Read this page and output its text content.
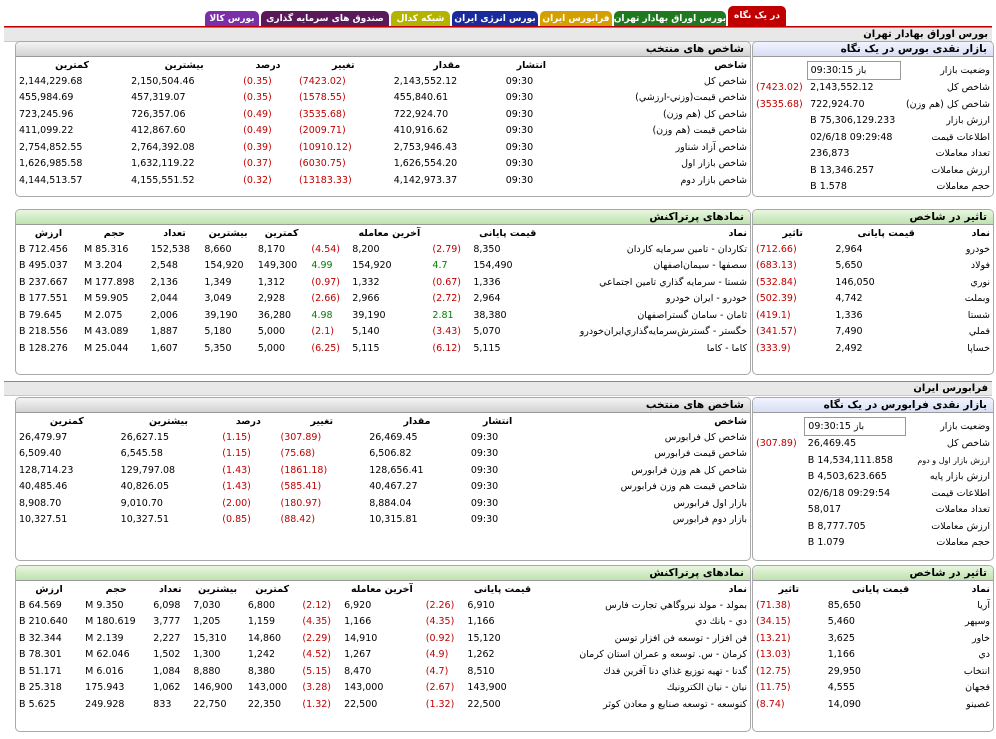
در یک نگاه
بورس اوراق بهادار تهران
فرابورس ایران
بورس انرژی ایران
شبکه کدال
صندوق های سرمایه گذاری
بورس کالا
بورس اوراق بهادار تهران
بازار نقدی بورس در یک نگاه
وضعیت بازار	باز 09:30:15	
شاخص کل	2,143,552.12	(7423.02)
شاخص کل (هم وزن)	722,924.70	(3535.68)
ارزش بازار	75,306,129.233 B	
اطلاعات قیمت	09:29:48 02/6/18	
تعداد معاملات	236,873	
ارزش معاملات	13,346.257 B	
حجم معاملات	1.578 B	
شاخص های منتخب
شاخص	انتشار	مقدار	تغییر	درصد	بیشترین	کمترین
شاخص كل	09:30	2,143,552.12	(7423.02)	(0.35)	2,150,504.46	2,144,229.68
شاخص قيمت(وزني-ارزشي)	09:30	455,840.61	(1578.55)	(0.35)	457,319.07	455,984.69
شاخص كل (هم وزن)	09:30	722,924.70	(3535.68)	(0.49)	726,357.06	723,245.96
شاخص قيمت (هم وزن)	09:30	410,916.62	(2009.71)	(0.49)	412,867.60	411,099.22
شاخص آزاد شناور	09:30	2,753,946.43	(10910.12)	(0.39)	2,764,392.08	2,754,852.55
شاخص بازار اول	09:30	1,626,554.20	(6030.75)	(0.37)	1,632,119.22	1,626,985.58
شاخص بازار دوم	09:30	4,142,973.37	(13183.33)	(0.32)	4,155,551.52	4,144,513.57
تاثیر در شاخص
نماد	قیمت پایانی	تاثیر
خودرو	2,964	(712.66)
فولاد	5,650	(683.13)
نوري	146,050	(532.84)
وبملت	4,742	(502.39)
شستا	1,336	(419.1)
فملي	7,490	(341.57)
خساپا	2,492	(333.9)
نمادهای پرتراکنش
نماد	قیمت پایانی		آخرین معامله		کمترین	بیشترین	تعداد	حجم	ارزش
تكاردان - تامين سرمايه كاردان	8,350	(2.79)	8,200	(4.54)	8,170	8,660	152,538	85.316 M	712.456 B
سصفها - سيمان‌اصفهان	154,490	4.7	154,920	4.99	149,300	154,920	2,548	3.204 M	495.037 B
شستا - سرمايه گذاري تامين اجتماعي	1,336	(0.67)	1,332	(0.97)	1,312	1,349	2,136	177.898 M	237.667 B
خودرو - ايران‌ خودرو	2,964	(2.72)	2,966	(2.66)	2,928	3,049	2,044	59.905 M	177.551 B
ثامان - سامان گستراصفهان	38,380	2.81	39,190	4.98	36,280	39,190	2,006	2.075 M	79.645 B
خگستر - گسترش‌سرمايه‌گذاري‌ايران‌خودرو	5,070	(3.43)	5,140	(2.1)	5,000	5,180	1,887	43.089 M	218.556 B
كاما - كاما	5,115	(6.12)	5,115	(6.25)	5,000	5,350	1,607	25.044 M	128.276 B
فرابورس ایران
بازار نقدی فرابورس در یک نگاه
وضعیت بازار	باز 09:30:15	
شاخص کل	26,469.45	(307.89)
ارزش بازار اول و دوم	14,534,111.858 B	
ارزش بازار پایه	4,503,623.665 B	
اطلاعات قیمت	09:29:54 02/6/18	
تعداد معاملات	58,017	
ارزش معاملات	8,777.705 B	
حجم معاملات	1.079 B	
شاخص های منتخب
شاخص	انتشار	مقدار	تغییر	درصد	بیشترین	کمترین
شاخص كل فرابورس	09:30	26,469.45	(307.89)	(1.15)	26,627.15	26,479.97
شاخص قيمت فرابورس	09:30	6,506.82	(75.68)	(1.15)	6,545.58	6,509.40
شاخص كل هم وزن فرابورس	09:30	128,656.41	(1861.18)	(1.43)	129,797.08	128,714.23
شاخص قيمت هم وزن فرابورس	09:30	40,467.27	(585.41)	(1.43)	40,826.05	40,485.46
بازار اول فرابورس	09:30	8,884.04	(180.97)	(2.00)	9,010.70	8,908.70
بازار دوم فرابورس	09:30	10,315.81	(88.42)	(0.85)	10,327.51	10,327.51
تاثیر در شاخص
نماد	قیمت پایانی	تاثیر
آريا	85,650	(71.38)
وسپهر	5,460	(34.15)
خاور	3,625	(13.21)
دي	1,166	(13.03)
انتخاب	29,950	(12.75)
فجهان	4,555	(11.75)
غصينو	14,090	(8.74)
نمادهای پرتراکنش
نماد	قیمت پایانی		آخرین معامله		کمترین	بیشترین	تعداد	حجم	ارزش
بمولد - مولد نيروگاهي تجارت فارس	6,910	(2.26)	6,920	(2.12)	6,800	7,030	6,098	9.350 M	64.569 B
دي - بانك دي	1,166	(4.35)	1,166	(4.35)	1,159	1,205	3,777	180.619 M	210.640 B
فن افزار - توسعه فن افزار توسن	15,120	(0.92)	14,910	(2.29)	14,860	15,310	2,227	2.139 M	32.344 B
كرمان - س. توسعه و عمران استان كرمان	1,262	(4.9)	1,267	(4.52)	1,242	1,300	1,502	62.046 M	78.301 B
گدنا - تهيه توزيع غذاي دنا آفرين فدك	8,510	(4.7)	8,470	(5.15)	8,380	8,880	1,084	6.016 M	51.171 B
نيان - نيان الكترونيك	143,900	(2.67)	143,000	(3.28)	143,000	146,900	1,062	175.943	25.318 B
كنوسعه - توسعه صنايع و معادن كوثر	22,500	(1.32)	22,500	(1.32)	22,350	22,750	833	249.928	5.625 B
